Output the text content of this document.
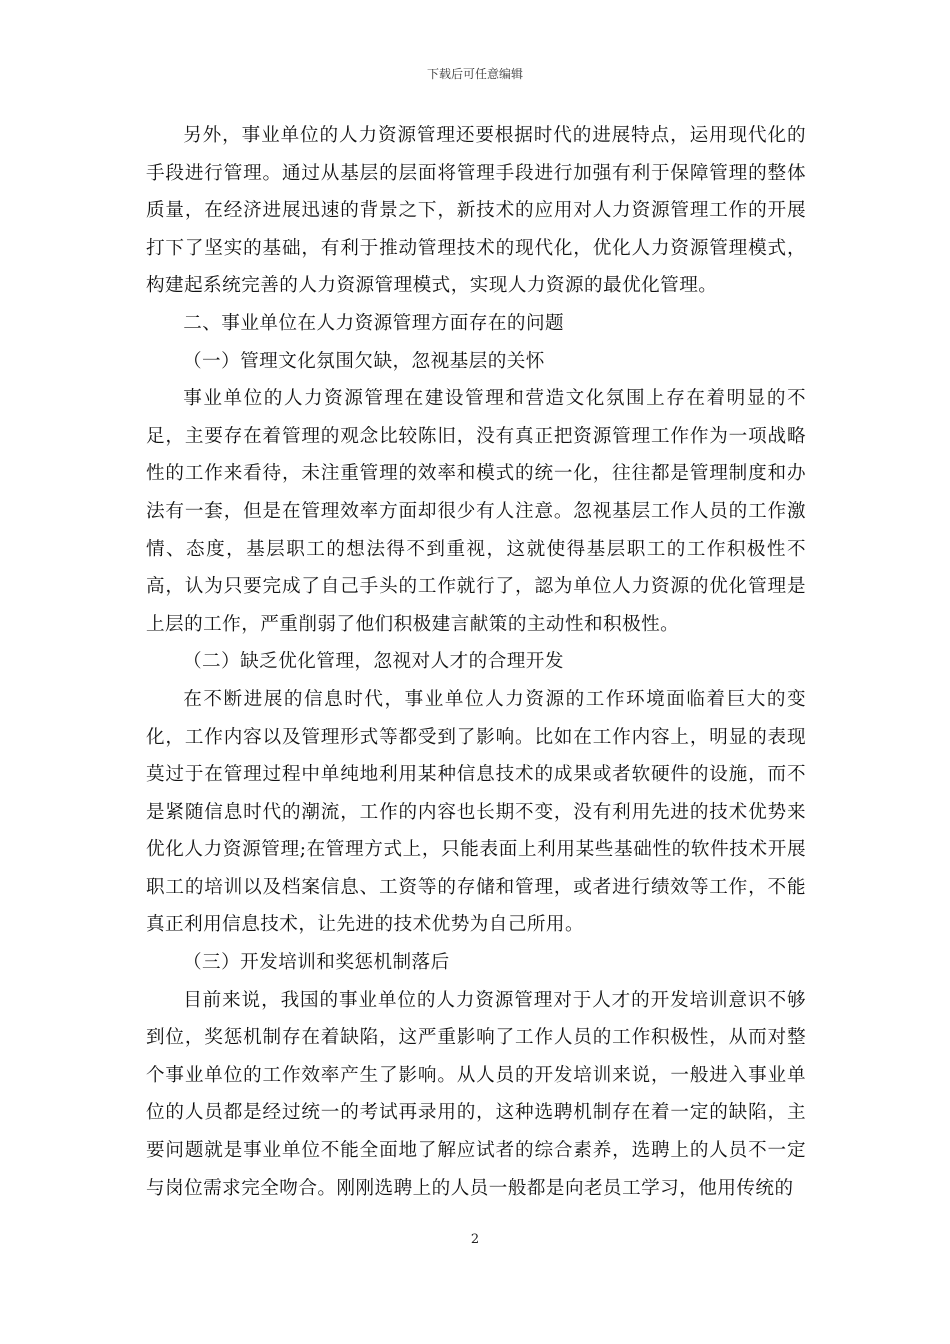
下载后可任意编辑

另外，事业单位的人力资源管理还要根据时代的进展特点，运用现代化的手段进行管理。通过从基层的层面将管理手段进行加强有利于保障管理的整体质量，在经济进展迅速的背景之下，新技术的应用对人力资源管理工作的开展打下了坚实的基础，有利于推动管理技术的现代化，优化人力资源管理模式，构建起系统完善的人力资源管理模式，实现人力资源的最优化管理。

二、事业单位在人力资源管理方面存在的问题

（一）管理文化氛围欠缺，忽视基层的关怀

事业单位的人力资源管理在建设管理和营造文化氛围上存在着明显的不足，主要存在着管理的观念比较陈旧，没有真正把资源管理工作作为一项战略性的工作来看待，未注重管理的效率和模式的统一化，往往都是管理制度和办法有一套，但是在管理效率方面却很少有人注意。忽视基层工作人员的工作激情、态度，基层职工的想法得不到重视，这就使得基层职工的工作积极性不高，认为只要完成了自己手头的工作就行了，認为单位人力资源的优化管理是上层的工作，严重削弱了他们积极建言献策的主动性和积极性。

（二）缺乏优化管理，忽视对人才的合理开发

在不断进展的信息时代，事业单位人力资源的工作环境面临着巨大的变化，工作内容以及管理形式等都受到了影响。比如在工作内容上，明显的表现莫过于在管理过程中单纯地利用某种信息技术的成果或者软硬件的设施，而不是紧随信息时代的潮流，工作的内容也长期不变，没有利用先进的技术优势来优化人力资源管理;在管理方式上，只能表面上利用某些基础性的软件技术开展职工的培训以及档案信息、工资等的存储和管理，或者进行绩效等工作，不能真正利用信息技术，让先进的技术优势为自己所用。

（三）开发培训和奖惩机制落后

目前来说，我国的事业单位的人力资源管理对于人才的开发培训意识不够到位，奖惩机制存在着缺陷，这严重影响了工作人员的工作积极性，从而对整个事业单位的工作效率产生了影响。从人员的开发培训来说，一般进入事业单位的人员都是经过统一的考试再录用的，这种选聘机制存在着一定的缺陷，主要问题就是事业单位不能全面地了解应试者的综合素养，选聘上的人员不一定与岗位需求完全吻合。刚刚选聘上的人员一般都是向老员工学习，他用传统的

2
